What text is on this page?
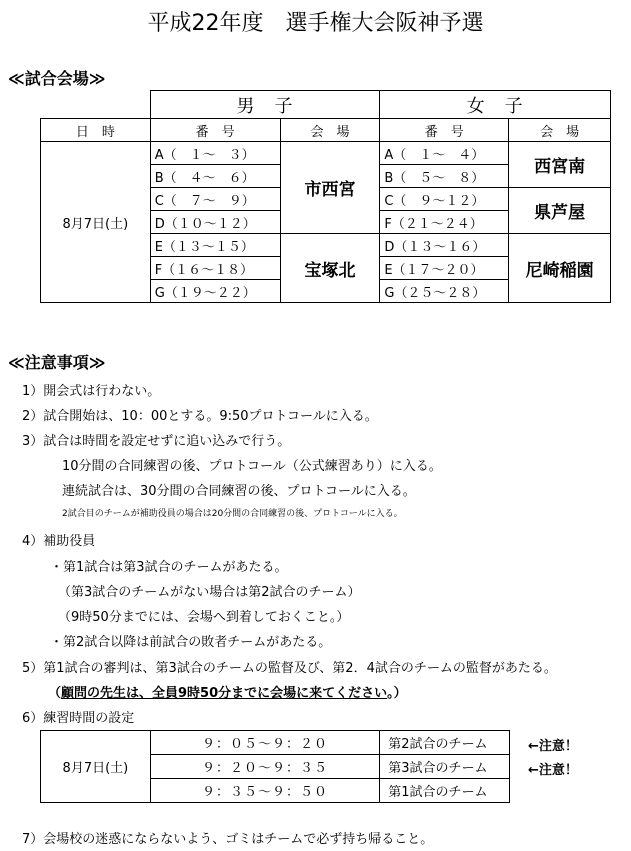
平成22年度　選手権大会阪神予選
≪試合会場≫
	男　子		女　子	
日　時	番　号	会　場	番　号	会　場
8月7日(土)	A（　１～　３）	市西宮	A（　１～　４）	西宮南
	B（　４～　６）		B（　５～　８）	
	C（　７～　９）		C（　９～１２）	県芦屋
	D（１０～１２）		F（２１～２４）	
	E（１３～１５）	宝塚北	D（１３～１６）	尼崎稲園
	F（１６～１８）		E（１７～２０）	
	G（１９～２２）		G（２５～２８）	
≪注意事項≫
1）開会式は行わない。
2）試合開始は、10：00とする。9:50プロトコールに入る。
3）試合は時間を設定せずに追い込みで行う。
10分間の合同練習の後、プロトコール（公式練習あり）に入る。
連続試合は、30分間の合同練習の後、プロトコールに入る。
2試合目のチームが補助役員の場合は20分間の合同練習の後、プロトコールに入る。
4）補助役員
・第1試合は第3試合のチームがあたる。
（第3試合のチームがない場合は第2試合のチーム）
（9時50分までには、会場へ到着しておくこと。）
・第2試合以降は前試合の敗者チームがあたる。
5）第1試合の審判は、第3試合のチームの監督及び、第2．4試合のチームの監督があたる。
（顧問の先生は、全員9時50分までに会場に来てください。）
6）練習時間の設定
8月7日(土)	９：０５～９：２０	第2試合のチーム
	９：２０～９：３５	第3試合のチーム
	９：３５～９：５０	第1試合のチーム
←注意！
←注意！
7）会場校の迷惑にならないよう、ゴミはチームで必ず持ち帰ること。
